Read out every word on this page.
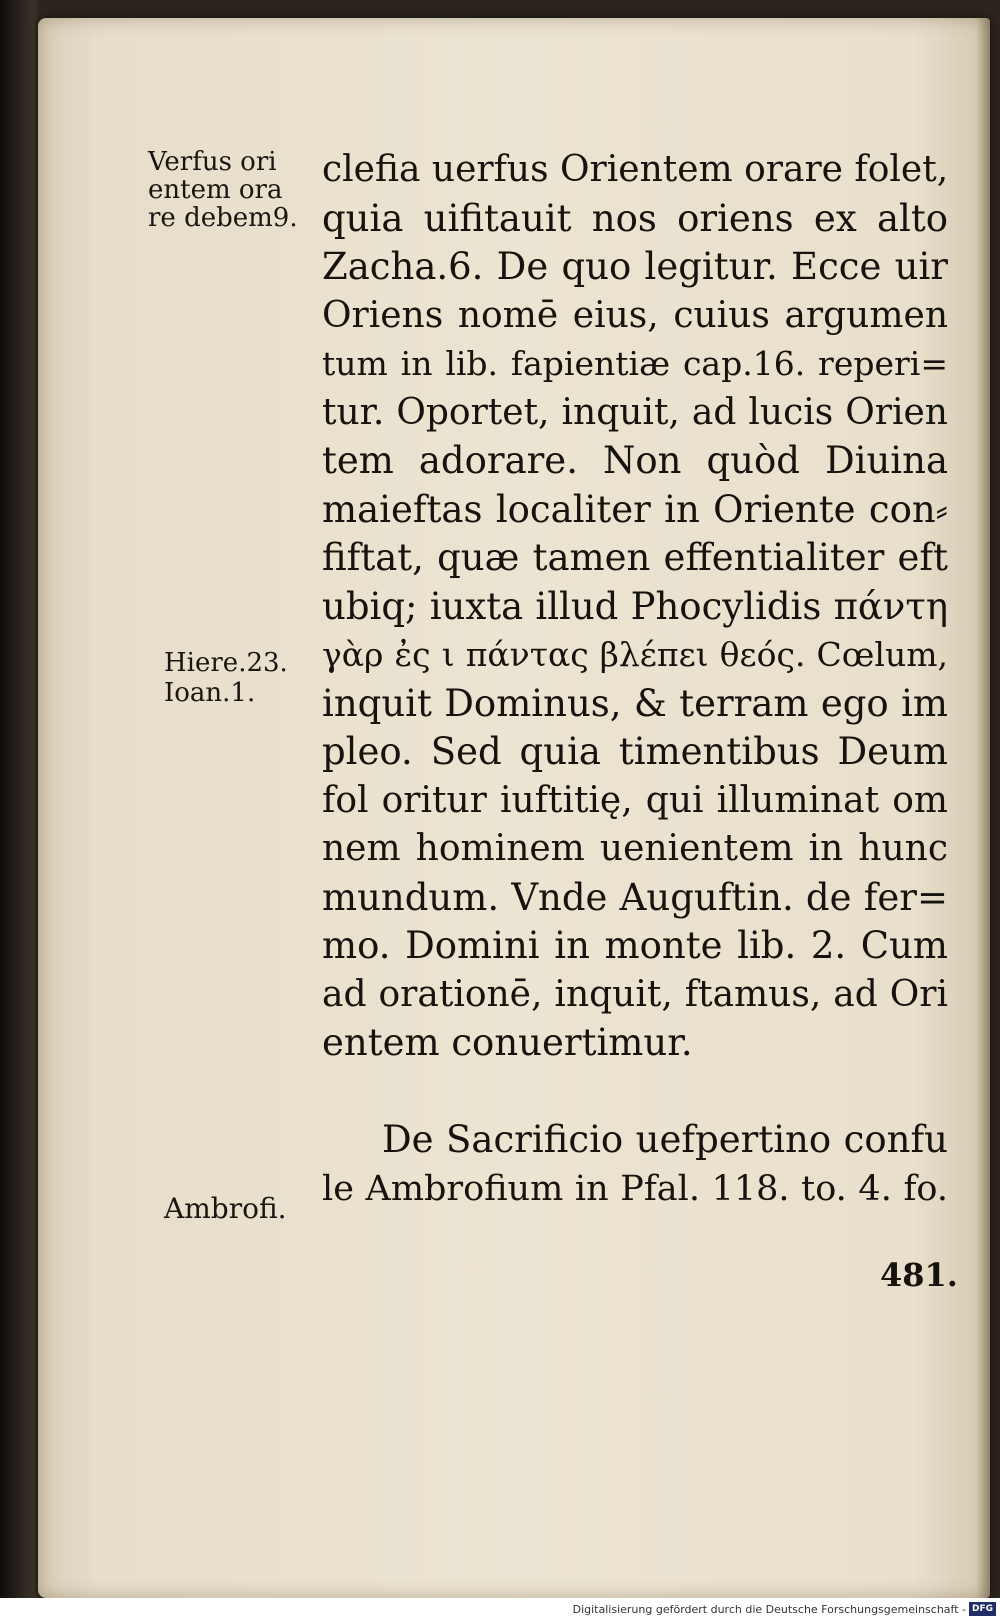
Verfus ori
entem ora
re debem9.
Hiere.23.
Ioan.1.
Ambrofi.
clefia uerfus Orientem orare folet,
quia uifitauit nos oriens ex alto
Zacha.6. De quo legitur. Ecce uir
Oriens nomē eius, cuius argumen
tum in lib. fapientiæ cap.16. reperi=
tur. Oportet, inquit, ad lucis Orien
tem adorare. Non quòd Diuina
maieftas localiter in Oriente con⸗
fiftat, quæ tamen effentialiter eft
ubiq; iuxta illud Phocylidis πάντη
γὰρ ἐς ι πάντας βλέπει θεός. Cœlum,
inquit Dominus, & terram ego im
pleo. Sed quia timentibus Deum
fol oritur iuftitię, qui illuminat om
nem hominem uenientem in hunc
mundum. Vnde Auguftin. de fer=
mo. Domini in monte lib. 2. Cum
ad orationē, inquit, ftamus, ad Ori
entem conuertimur.
De Sacrificio uefpertino confu
le Ambrofium in Pfal. 118. to. 4. fo.
481.
Digitalisierung gefördert durch die Deutsche Forschungsgemeinschaft - DFG
